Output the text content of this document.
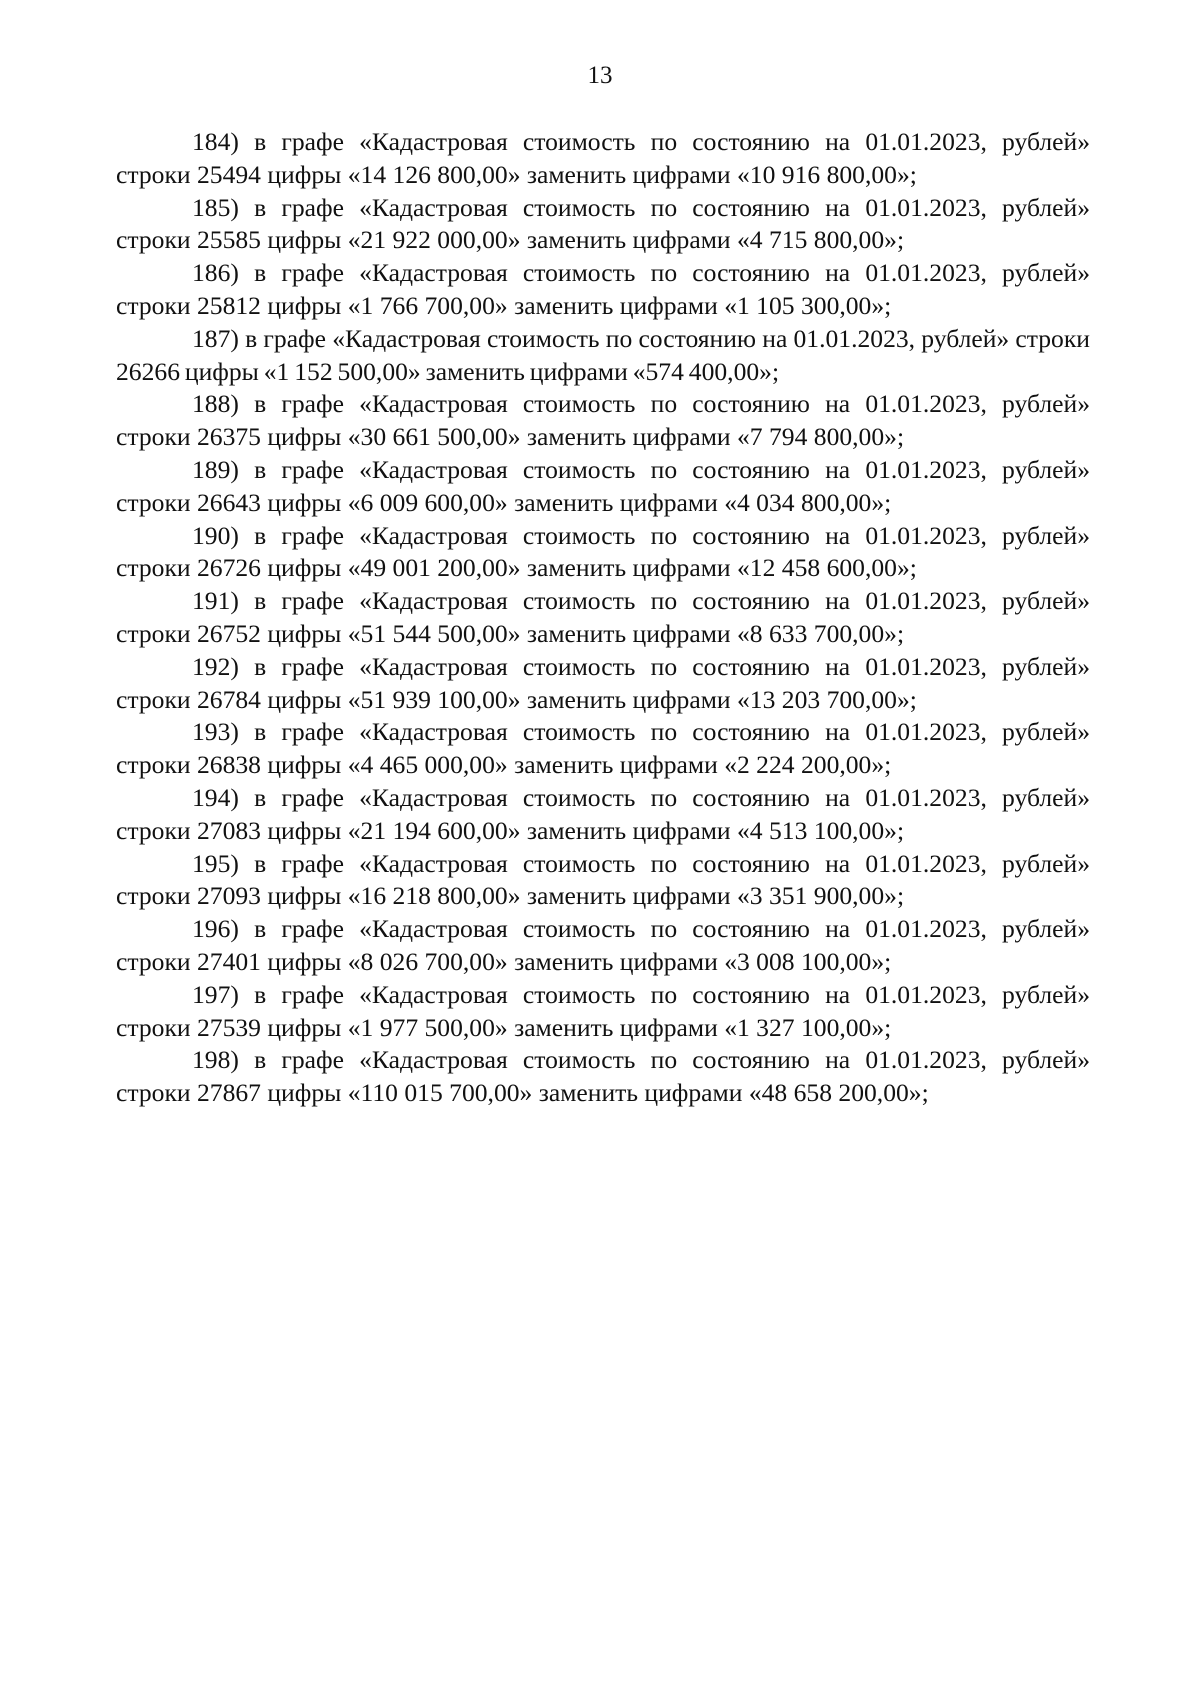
13

184) в графе «Кадастровая стоимость по состоянию на 01.01.2023, рублей» строки 25494 цифры «14 126 800,00» заменить цифрами «10 916 800,00»;

185) в графе «Кадастровая стоимость по состоянию на 01.01.2023, рублей» строки 25585 цифры «21 922 000,00» заменить цифрами «4 715 800,00»;

186) в графе «Кадастровая стоимость по состоянию на 01.01.2023, рублей» строки 25812 цифры «1 766 700,00» заменить цифрами «1 105 300,00»;

187) в графе «Кадастровая стоимость по состоянию на 01.01.2023, рублей» строки 26266 цифры «1 152 500,00» заменить цифрами «574 400,00»;

188) в графе «Кадастровая стоимость по состоянию на 01.01.2023, рублей» строки 26375 цифры «30 661 500,00» заменить цифрами «7 794 800,00»;

189) в графе «Кадастровая стоимость по состоянию на 01.01.2023, рублей» строки 26643 цифры «6 009 600,00» заменить цифрами «4 034 800,00»;

190) в графе «Кадастровая стоимость по состоянию на 01.01.2023, рублей» строки 26726 цифры «49 001 200,00» заменить цифрами «12 458 600,00»;

191) в графе «Кадастровая стоимость по состоянию на 01.01.2023, рублей» строки 26752 цифры «51 544 500,00» заменить цифрами «8 633 700,00»;

192) в графе «Кадастровая стоимость по состоянию на 01.01.2023, рублей» строки 26784 цифры «51 939 100,00» заменить цифрами «13 203 700,00»;

193) в графе «Кадастровая стоимость по состоянию на 01.01.2023, рублей» строки 26838 цифры «4 465 000,00» заменить цифрами «2 224 200,00»;

194) в графе «Кадастровая стоимость по состоянию на 01.01.2023, рублей» строки 27083 цифры «21 194 600,00» заменить цифрами «4 513 100,00»;

195) в графе «Кадастровая стоимость по состоянию на 01.01.2023, рублей» строки 27093 цифры «16 218 800,00» заменить цифрами «3 351 900,00»;

196) в графе «Кадастровая стоимость по состоянию на 01.01.2023, рублей» строки 27401 цифры «8 026 700,00» заменить цифрами «3 008 100,00»;

197) в графе «Кадастровая стоимость по состоянию на 01.01.2023, рублей» строки 27539 цифры «1 977 500,00» заменить цифрами «1 327 100,00»;

198) в графе «Кадастровая стоимость по состоянию на 01.01.2023, рублей» строки 27867 цифры «110 015 700,00» заменить цифрами «48 658 200,00»;
